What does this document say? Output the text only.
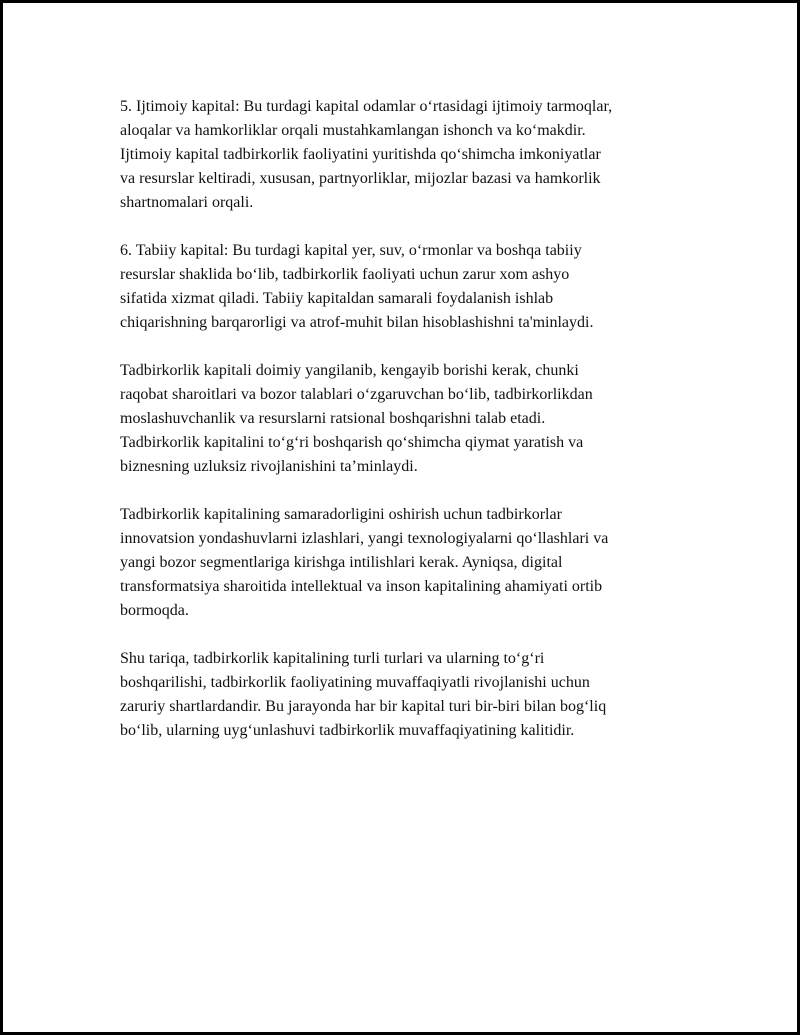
5. Ijtimoiy kapital: Bu turdagi kapital odamlar oʻrtasidagi ijtimoiy tarmoqlar,
aloqalar va hamkorliklar orqali mustahkamlangan ishonch va koʻmakdir.
Ijtimoiy kapital tadbirkorlik faoliyatini yuritishda qoʻshimcha imkoniyatlar
va resurslar keltiradi, xususan, partnyorliklar, mijozlar bazasi va hamkorlik
shartnomalari orqali.

6. Tabiiy kapital: Bu turdagi kapital yer, suv, oʻrmonlar va boshqa tabiiy
resurslar shaklida boʻlib, tadbirkorlik faoliyati uchun zarur xom ashyo
sifatida xizmat qiladi. Tabiiy kapitaldan samarali foydalanish ishlab
chiqarishning barqarorligi va atrof-muhit bilan hisoblashishni ta'minlaydi.

Tadbirkorlik kapitali doimiy yangilanib, kengayib borishi kerak, chunki
raqobat sharoitlari va bozor talablari oʻzgaruvchan boʻlib, tadbirkorlikdan
moslashuvchanlik va resurslarni ratsional boshqarishni talab etadi.
Tadbirkorlik kapitalini toʻgʻri boshqarish qoʻshimcha qiymat yaratish va
biznesning uzluksiz rivojlanishini taʼminlaydi.

Tadbirkorlik kapitalining samaradorligini oshirish uchun tadbirkorlar
innovatsion yondashuvlarni izlashlari, yangi texnologiyalarni qoʻllashlari va
yangi bozor segmentlariga kirishga intilishlari kerak. Ayniqsa, digital
transformatsiya sharoitida intellektual va inson kapitalining ahamiyati ortib
bormoqda.

Shu tariqa, tadbirkorlik kapitalining turli turlari va ularning toʻgʻri
boshqarilishi, tadbirkorlik faoliyatining muvaffaqiyatli rivojlanishi uchun
zaruriy shartlardandir. Bu jarayonda har bir kapital turi bir-biri bilan bogʻliq
boʻlib, ularning uygʻunlashuvi tadbirkorlik muvaffaqiyatining kalitidir.
